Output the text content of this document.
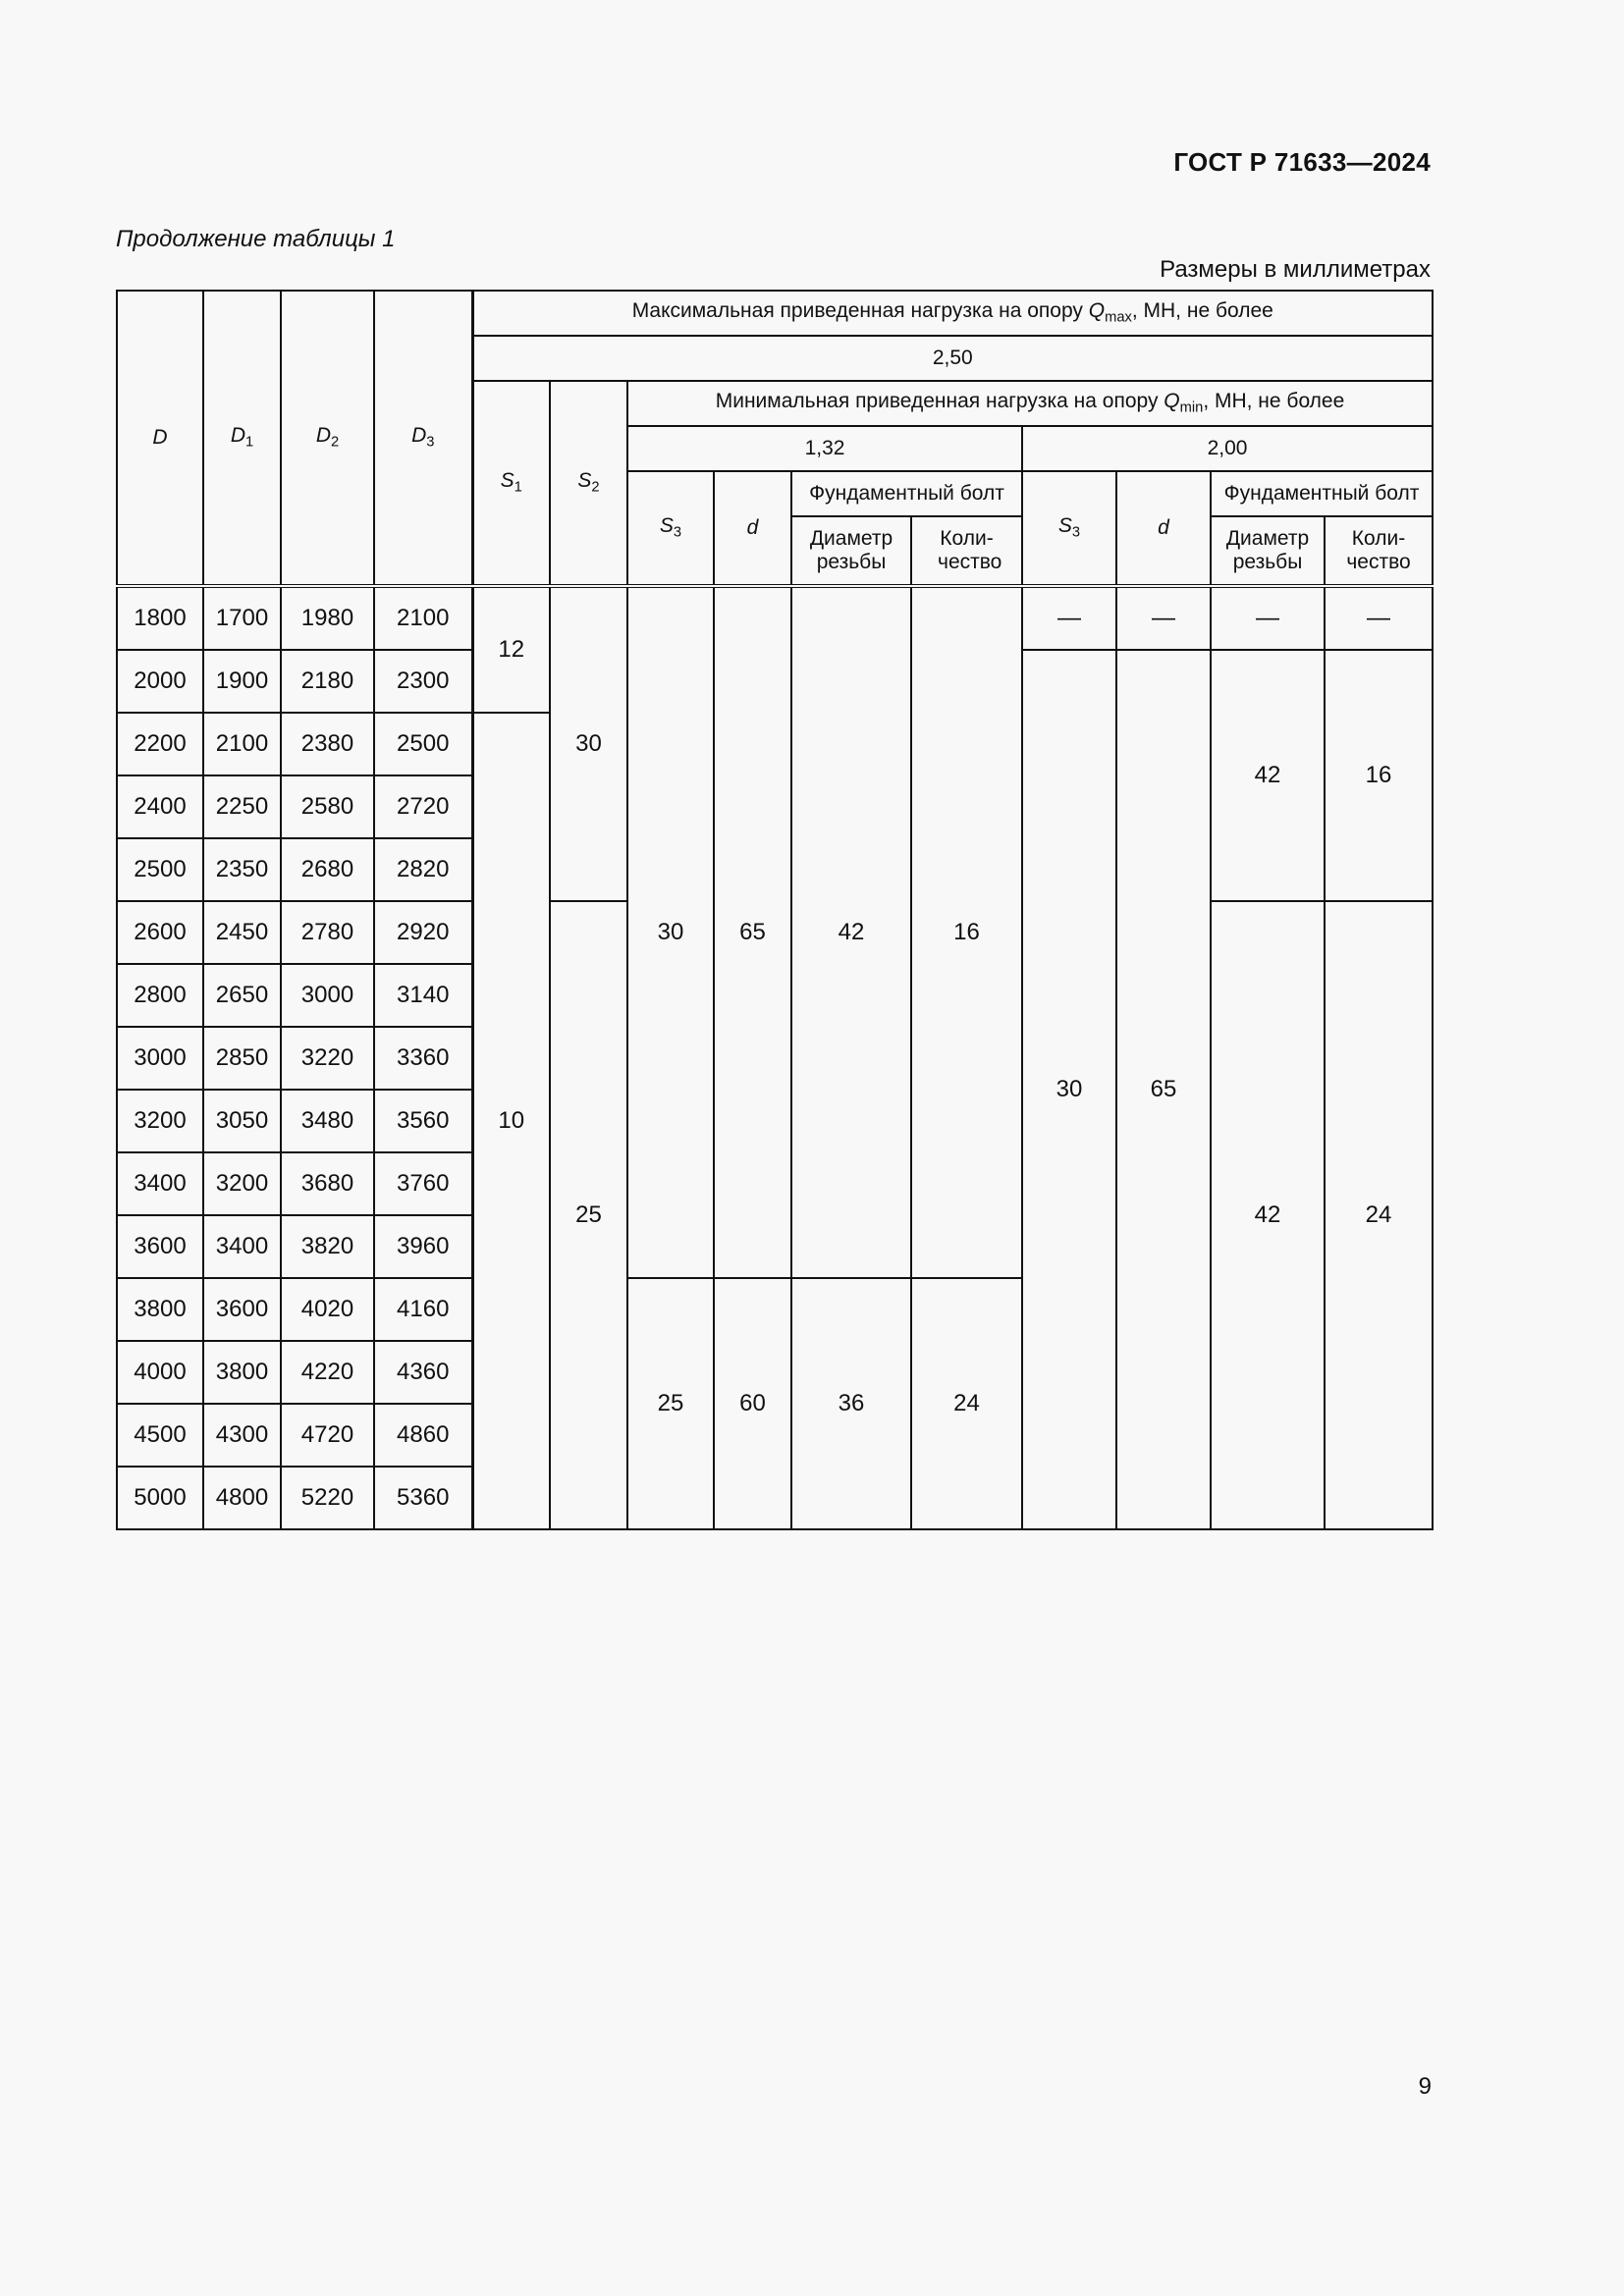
ГОСТ Р 71633—2024
Продолжение таблицы 1
Размеры в миллиметрах
D	$D_1$	$D_2$	$D_3$	Максимальная приведенная нагрузка на опору $Q_{max}$, МН, не более									
				2,50									
				$S_1$	$S_2$	Минимальная приведенная нагрузка на опору $Q_{min}$, МН, не более							
						1,32				2,00			
						$S_3$	d	Фундаментный болт		$S_3$	d	Фундаментный болт	
								Диаметр резьбы	Коли-чество			Диаметр резьбы	Коли-чество
1800	1700	1980	2100	12	30	30	65	42	16	—	—	—	—
2000	1900	2180	2300							30	65	42	16
2200	2100	2380	2500	10									
2400	2250	2580	2720										
2500	2350	2680	2820										
2600	2450	2780	2920		25							42	24
2800	2650	3000	3140										
3000	2850	3220	3360										
3200	3050	3480	3560										
3400	3200	3680	3760										
3600	3400	3820	3960										
3800	3600	4020	4160			25	60	36	24				
4000	3800	4220	4360										
4500	4300	4720	4860										
5000	4800	5220	5360										
9
